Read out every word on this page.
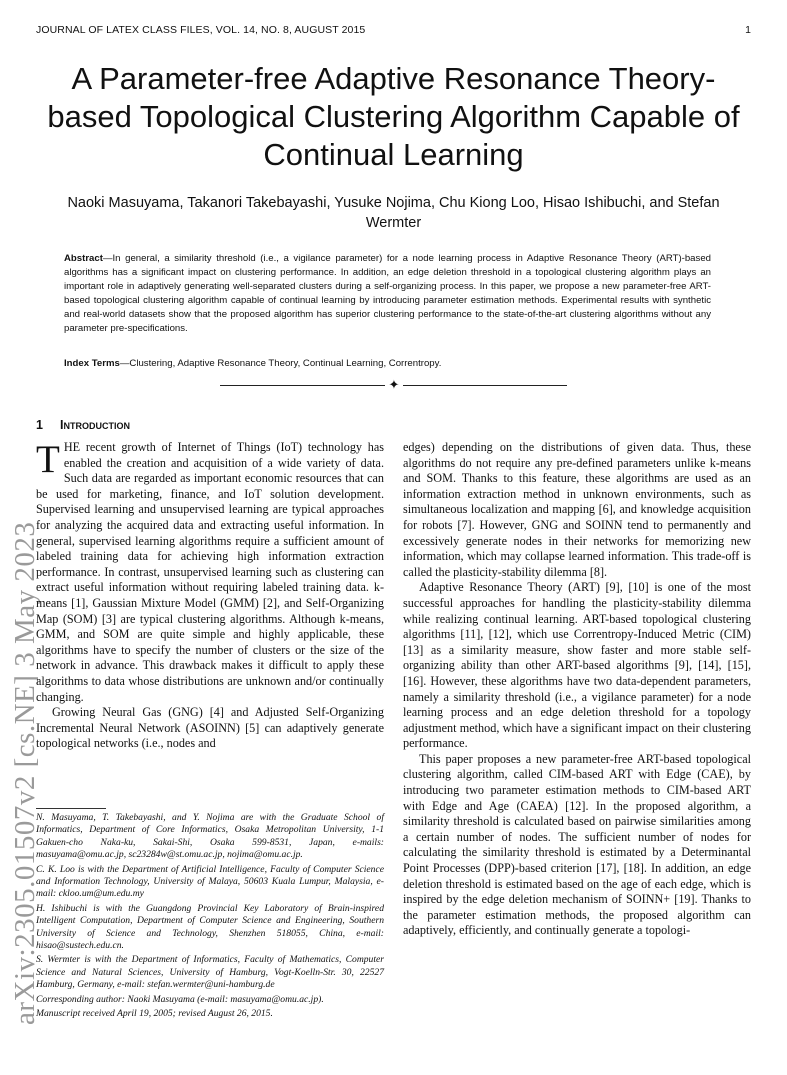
JOURNAL OF LATEX CLASS FILES, VOL. 14, NO. 8, AUGUST 2015	1
A Parameter-free Adaptive Resonance Theory-based Topological Clustering Algorithm Capable of Continual Learning
Naoki Masuyama, Takanori Takebayashi, Yusuke Nojima, Chu Kiong Loo, Hisao Ishibuchi, and Stefan Wermter

Abstract—In general, a similarity threshold (i.e., a vigilance parameter) for a node learning process in Adaptive Resonance Theory (ART)-based algorithms has a significant impact on clustering performance. In addition, an edge deletion threshold in a topological clustering algorithm plays an important role in adaptively generating well-separated clusters during a self-organizing process. In this paper, we propose a new parameter-free ART-based topological clustering algorithm capable of continual learning by introducing parameter estimation methods. Experimental results with synthetic and real-world datasets show that the proposed algorithm has superior clustering performance to the state-of-the-art clustering algorithms without any parameter pre-specifications.

Index Terms—Clustering, Adaptive Resonance Theory, Continual Learning, Correntropy.

✦
arXiv:2305.01507v2 [cs.NE] 3 May 2023
1 Introduction

THE recent growth of Internet of Things (IoT) technology has enabled the creation and acquisition of a wide variety of data. Such data are regarded as important economic resources that can be used for marketing, finance, and IoT solution development. Supervised learning and unsupervised learning are typical approaches for analyzing the acquired data and extracting useful information. In general, supervised learning algorithms require a sufficient amount of labeled training data for achieving high information extraction performance. In contrast, unsupervised learning such as clustering can extract useful information without requiring labeled training data. k-means [1], Gaussian Mixture Model (GMM) [2], and Self-Organizing Map (SOM) [3] are typical clustering algorithms. Although k-means, GMM, and SOM are quite simple and highly applicable, these algorithms have to specify the number of clusters or the size of the network in advance. This drawback makes it difficult to apply these algorithms to data whose distributions are unknown and/or continually changing.

Growing Neural Gas (GNG) [4] and Adjusted Self-Organizing Incremental Neural Network (ASOINN) [5] can adaptively generate topological networks (i.e., nodes and

N. Masuyama, T. Takebayashi, and Y. Nojima are with the Graduate School of Informatics, Department of Core Informatics, Osaka Metropolitan University, 1-1 Gakuen-cho Naka-ku, Sakai-Shi, Osaka 599-8531, Japan, e-mails: masuyama@omu.ac.jp, sc23284w@st.omu.ac.jp, nojima@omu.ac.jp.

C. K. Loo is with the Department of Artificial Intelligence, Faculty of Computer Science and Information Technology, University of Malaya, 50603 Kuala Lumpur, Malaysia, e-mail: ckloo.um@um.edu.my

H. Ishibuchi is with the Guangdong Provincial Key Laboratory of Brain-inspired Intelligent Computation, Department of Computer Science and Engineering, Southern University of Science and Technology, Shenzhen 518055, China, e-mail: hisao@sustech.edu.cn.

S. Wermter is with the Department of Informatics, Faculty of Mathematics, Computer Science and Natural Sciences, University of Hamburg, Vogt-Koelln-Str. 30, 22527 Hamburg, Germany, e-mail: stefan.wermter@uni-hamburg.de

Corresponding author: Naoki Masuyama (e-mail: masuyama@omu.ac.jp).

Manuscript received April 19, 2005; revised August 26, 2015.

edges) depending on the distributions of given data. Thus, these algorithms do not require any pre-defined parameters unlike k-means and SOM. Thanks to this feature, these algorithms are used as an information extraction method in unknown environments, such as simultaneous localization and mapping [6], and knowledge acquisition for robots [7]. However, GNG and SOINN tend to permanently and excessively generate nodes in their networks for memorizing new information, which may collapse learned information. This trade-off is called the plasticity-stability dilemma [8].

Adaptive Resonance Theory (ART) [9], [10] is one of the most successful approaches for handling the plasticity-stability dilemma while realizing continual learning. ART-based topological clustering algorithms [11], [12], which use Correntropy-Induced Metric (CIM) [13] as a similarity measure, show faster and more stable self-organizing ability than other ART-based algorithms [9], [14], [15], [16]. However, these algorithms have two data-dependent parameters, namely a similarity threshold (i.e., a vigilance parameter) for a node learning process and an edge deletion threshold for a topology adjustment method, which have a significant impact on their clustering performance.

This paper proposes a new parameter-free ART-based topological clustering algorithm, called CIM-based ART with Edge (CAE), by introducing two parameter estimation methods to CIM-based ART with Edge and Age (CAEA) [12]. In the proposed algorithm, a similarity threshold is calculated based on pairwise similarities among a certain number of nodes. The sufficient number of nodes for calculating the similarity threshold is estimated by a Determinantal Point Processes (DPP)-based criterion [17], [18]. In addition, an edge deletion threshold is estimated based on the age of each edge, which is inspired by the edge deletion mechanism of SOINN+ [19]. Thanks to the parameter estimation methods, the proposed algorithm can adaptively, efficiently, and continually generate a topologi-
